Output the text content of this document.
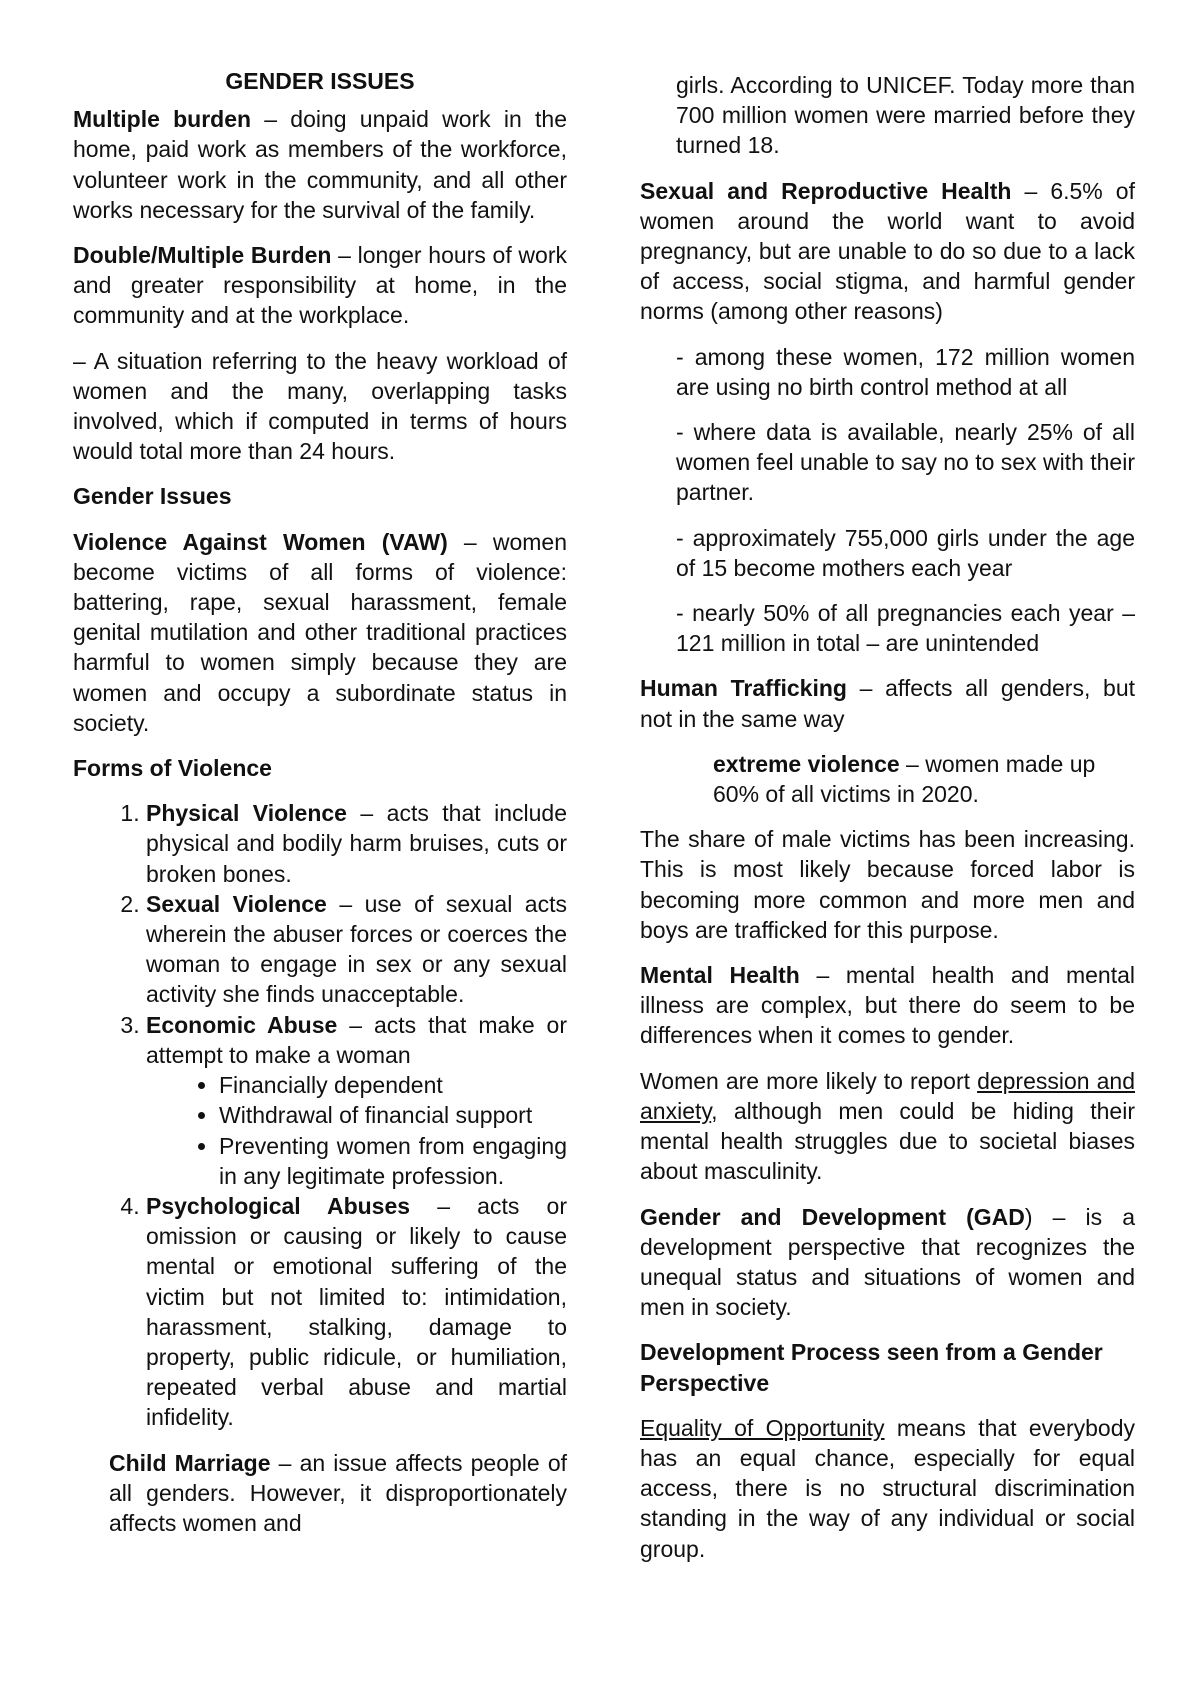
GENDER ISSUES

Multiple burden – doing unpaid work in the home, paid work as members of the workforce, volunteer work in the community, and all other works necessary for the survival of the family.

Double/Multiple Burden – longer hours of work and greater responsibility at home, in the community and at the workplace.

– A situation referring to the heavy workload of women and the many, overlapping tasks involved, which if computed in terms of hours would total more than 24 hours.

Gender Issues

Violence Against Women (VAW) – women become victims of all forms of violence: battering, rape, sexual harassment, female genital mutilation and other traditional practices harmful to women simply because they are women and occupy a subordinate status in society.

Forms of Violence

1. Physical Violence – acts that include physical and bodily harm bruises, cuts or broken bones.
2. Sexual Violence – use of sexual acts wherein the abuser forces or coerces the woman to engage in sex or any sexual activity she finds unacceptable.
3. Economic Abuse – acts that make or attempt to make a woman
• Financially dependent
• Withdrawal of financial support
• Preventing women from engaging in any legitimate profession.
4. Psychological Abuses – acts or omission or causing or likely to cause mental or emotional suffering of the victim but not limited to: intimidation, harassment, stalking, damage to property, public ridicule, or humiliation, repeated verbal abuse and martial infidelity.

Child Marriage – an issue affects people of all genders. However, it disproportionately affects women and

girls. According to UNICEF. Today more than 700 million women were married before they turned 18.

Sexual and Reproductive Health – 6.5% of women around the world want to avoid pregnancy, but are unable to do so due to a lack of access, social stigma, and harmful gender norms (among other reasons)

- among these women, 172 million women are using no birth control method at all

- where data is available, nearly 25% of all women feel unable to say no to sex with their partner.

- approximately 755,000 girls under the age of 15 become mothers each year

- nearly 50% of all pregnancies each year – 121 million in total – are unintended

Human Trafficking – affects all genders, but not in the same way

extreme violence – women made up 60% of all victims in 2020.

The share of male victims has been increasing. This is most likely because forced labor is becoming more common and more men and boys are trafficked for this purpose.

Mental Health – mental health and mental illness are complex, but there do seem to be differences when it comes to gender.

Women are more likely to report depression and anxiety, although men could be hiding their mental health struggles due to societal biases about masculinity.

Gender and Development (GAD) – is a development perspective that recognizes the unequal status and situations of women and men in society.

Development Process seen from a Gender Perspective

Equality of Opportunity means that everybody has an equal chance, especially for equal access, there is no structural discrimination standing in the way of any individual or social group.
